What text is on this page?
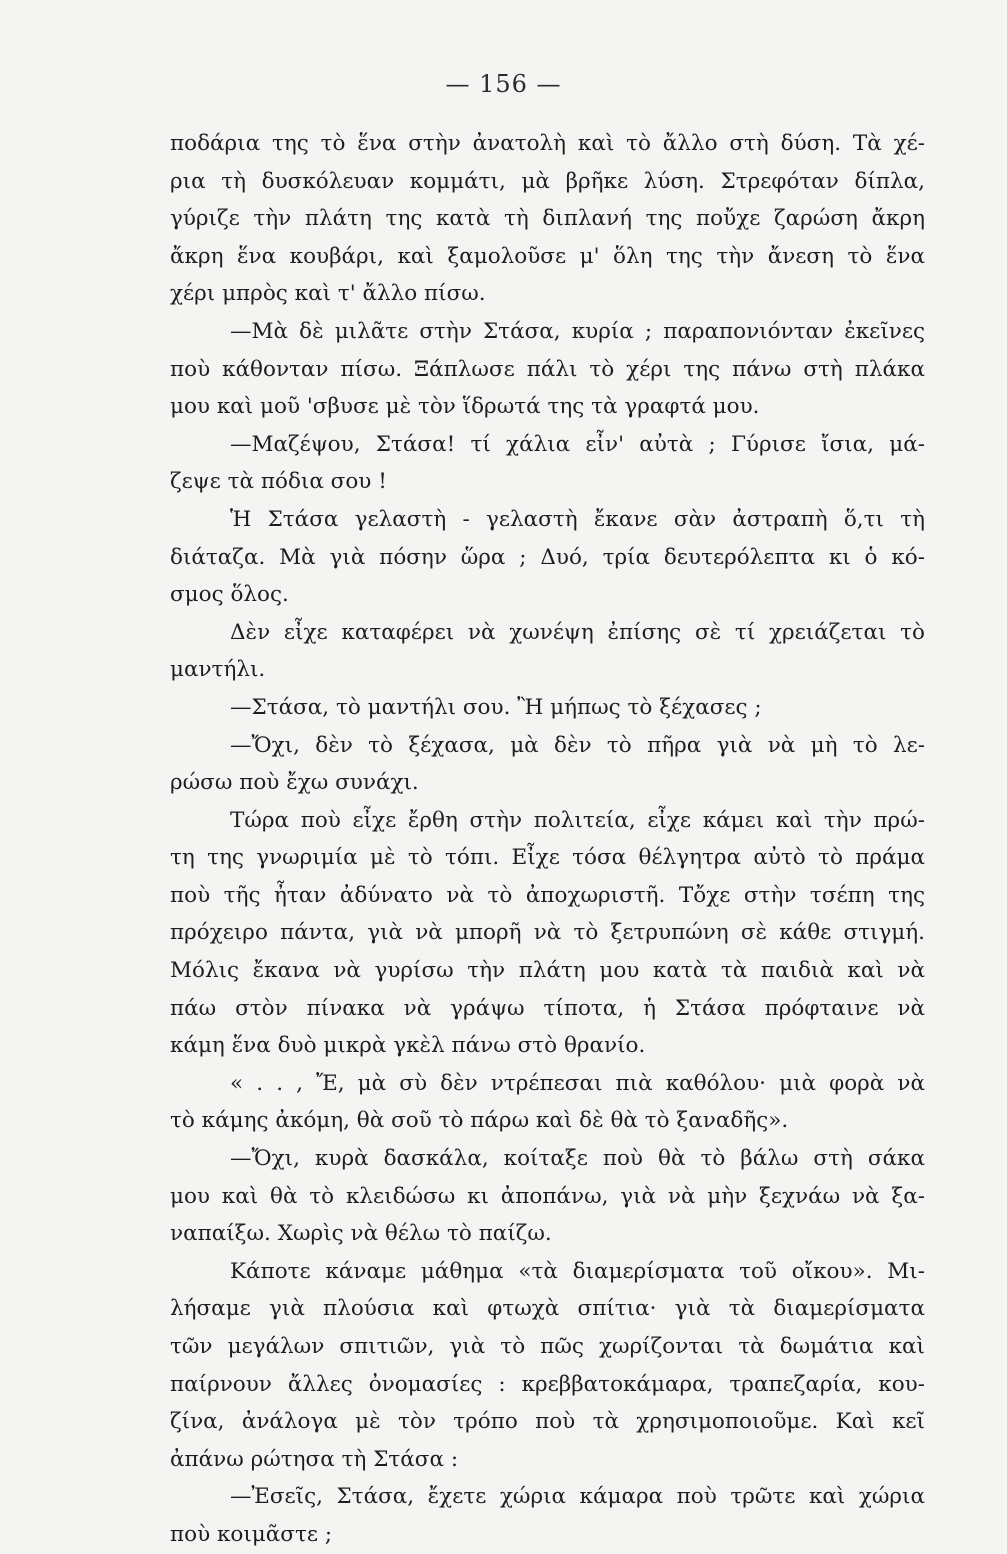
— 156 —
ποδάρια της τὸ ἕνα στὴν ἀνατολὴ καὶ τὸ ἄλλο στὴ δύση. Τὰ χέ-
ρια τὴ δυσκόλευαν κομμάτι, μὰ βρῆκε λύση. Στρεφόταν δίπλα,
γύριζε τὴν πλάτη της κατὰ τὴ διπλανή της ποὔχε ζαρώση ἄκρη
ἄκρη ἕνα κουβάρι, καὶ ξαμολοῦσε μ' ὅλη της τὴν ἄνεση τὸ ἕνα
χέρι μπρὸς καὶ τ' ἄλλο πίσω.
—Μὰ δὲ μιλᾶτε στὴν Στάσα, κυρία ; παραπονιόνταν ἐκεῖνες
ποὺ κάθονταν πίσω. Ξάπλωσε πάλι τὸ χέρι της πάνω στὴ πλάκα
μου καὶ μοῦ 'σβυσε μὲ τὸν ἵδρωτά της τὰ γραφτά μου.
—Μαζέψου, Στάσα! τί χάλια εἶν' αὐτὰ ; Γύρισε ἴσια, μά-
ζεψε τὰ πόδια σου !
Ἡ Στάσα γελαστὴ - γελαστὴ ἔκανε σὰν ἀστραπὴ ὅ,τι τὴ
διάταζα. Μὰ γιὰ πόσην ὥρα ; Δυό, τρία δευτερόλεπτα κι ὁ κό-
σμος ὅλος.
Δὲν εἶχε καταφέρει νὰ χωνέψη ἐπίσης σὲ τί χρειάζεται τὸ
μαντήλι.
—Στάσα, τὸ μαντήλι σου. Ἢ μήπως τὸ ξέχασες ;
—Ὄχι, δὲν τὸ ξέχασα, μὰ δὲν τὸ πῆρα γιὰ νὰ μὴ τὸ λε-
ρώσω ποὺ ἔχω συνάχι.
Τώρα ποὺ εἶχε ἔρθη στὴν πολιτεία, εἶχε κάμει καὶ τὴν πρώ-
τη της γνωριμία μὲ τὸ τόπι. Εἶχε τόσα θέλγητρα αὐτὸ τὸ πράμα
ποὺ τῆς ἦταν ἀδύνατο νὰ τὸ ἀποχωριστῆ. Τὄχε στὴν τσέπη της
πρόχειρο πάντα, γιὰ νὰ μπορῆ νὰ τὸ ξετρυπώνη σὲ κάθε στιγμή.
Μόλις ἔκανα νὰ γυρίσω τὴν πλάτη μου κατὰ τὰ παιδιὰ καὶ νὰ
πάω στὸν πίνακα νὰ γράψω τίποτα, ἡ Στάσα πρόφταινε νὰ
κάμη ἕνα δυὸ μικρὰ γκὲλ πάνω στὸ θρανίο.
« . . , Ἔ, μὰ σὺ δὲν ντρέπεσαι πιὰ καθόλου· μιὰ φορὰ νὰ
τὸ κάμης ἀκόμη, θὰ σοῦ τὸ πάρω καὶ δὲ θὰ τὸ ξαναδῆς».
—Ὄχι, κυρὰ δασκάλα, κοίταξε ποὺ θὰ τὸ βάλω στὴ σάκα
μου καὶ θὰ τὸ κλειδώσω κι ἀποπάνω, γιὰ νὰ μὴν ξεχνάω νὰ ξα-
ναπαίξω. Χωρὶς νὰ θέλω τὸ παίζω.
Κάποτε κάναμε μάθημα «τὰ διαμερίσματα τοῦ οἴκου». Μι-
λήσαμε γιὰ πλούσια καὶ φτωχὰ σπίτια· γιὰ τὰ διαμερίσματα
τῶν μεγάλων σπιτιῶν, γιὰ τὸ πῶς χωρίζονται τὰ δωμάτια καὶ
παίρνουν ἄλλες ὀνομασίες : κρεββατοκάμαρα, τραπεζαρία, κου-
ζίνα, ἀνάλογα μὲ τὸν τρόπο ποὺ τὰ χρησιμοποιοῦμε. Καὶ κεῖ
ἀπάνω ρώτησα τὴ Στάσα :
—Ἐσεῖς, Στάσα, ἔχετε χώρια κάμαρα ποὺ τρῶτε καὶ χώρια
ποὺ κοιμᾶστε ;
